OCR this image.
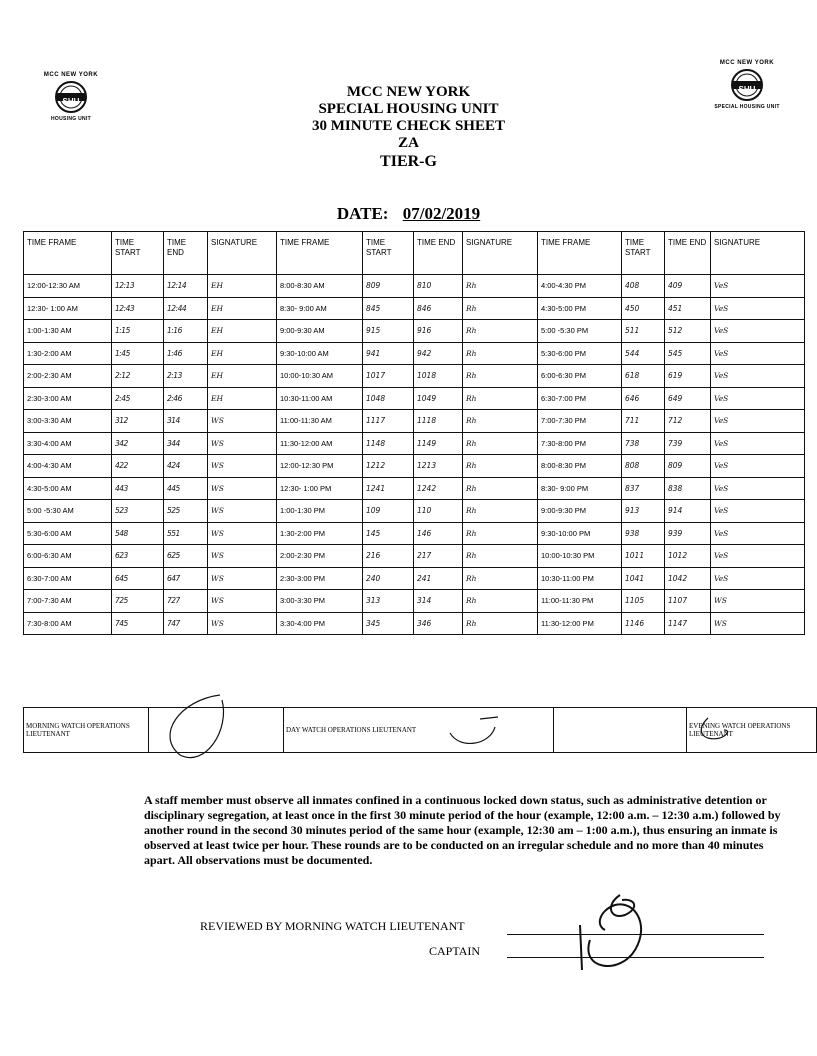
MCC NEW YORK
SHU
HOUSING UNIT
MCC NEW YORK
SHU
SPECIAL HOUSING UNIT
MCC NEW YORK
SPECIAL HOUSING UNIT
30 MINUTE CHECK SHEET
ZA
TIER-G
DATE: 07/02/2019
TIME FRAME	TIME START	TIME END	SIGNATURE	TIME FRAME	TIME START	TIME END	SIGNATURE	TIME FRAME	TIME START	TIME END	SIGNATURE
12:00-12:30 AM	12:13	12:14	EH	8:00-8:30 AM	809	810	Rh	4:00-4:30 PM	408	409	VeS
12:30- 1:00 AM	12:43	12:44	EH	8:30- 9:00 AM	845	846	Rh	4:30-5:00 PM	450	451	VeS
1:00-1:30 AM	1:15	1:16	EH	9:00-9:30 AM	915	916	Rh	5:00 -5:30 PM	511	512	VeS
1:30-2:00 AM	1:45	1:46	EH	9:30-10:00 AM	941	942	Rh	5:30-6:00 PM	544	545	VeS
2:00-2:30 AM	2:12	2:13	EH	10:00-10:30 AM	1017	1018	Rh	6:00-6:30 PM	618	619	VeS
2:30-3:00 AM	2:45	2:46	EH	10:30-11:00 AM	1048	1049	Rh	6:30-7:00 PM	646	649	VeS
3:00-3:30 AM	312	314	WS	11:00-11:30 AM	1117	1118	Rh	7:00-7:30 PM	711	712	VeS
3:30-4:00 AM	342	344	WS	11:30-12:00 AM	1148	1149	Rh	7:30-8:00 PM	738	739	VeS
4:00-4:30 AM	422	424	WS	12:00-12:30 PM	1212	1213	Rh	8:00-8:30 PM	808	809	VeS
4:30-5:00 AM	443	445	WS	12:30- 1:00 PM	1241	1242	Rh	8:30- 9:00 PM	837	838	VeS
5:00 -5:30 AM	523	525	WS	1:00-1:30 PM	109	110	Rh	9:00-9:30 PM	913	914	VeS
5:30-6:00 AM	548	551	WS	1:30-2:00 PM	145	146	Rh	9:30-10:00 PM	938	939	VeS
6:00-6:30 AM	623	625	WS	2:00-2:30 PM	216	217	Rh	10:00-10:30 PM	1011	1012	VeS
6:30-7:00 AM	645	647	WS	2:30-3:00 PM	240	241	Rh	10:30-11:00 PM	1041	1042	VeS
7:00-7:30 AM	725	727	WS	3:00-3:30 PM	313	314	Rh	11:00-11:30 PM	1105	1107	WS
7:30-8:00 AM	745	747	WS	3:30-4:00 PM	345	346	Rh	11:30-12:00 PM	1146	1147	WS
MORNING WATCH OPERATIONS LIEUTENANT		DAY WATCH OPERATIONS LIEUTENANT		EVENING WATCH OPERATIONS LIEUTENANT	
A staff member must observe all inmates confined in a continuous locked down status, such as administrative detention or disciplinary segregation, at least once in the first 30 minute period of the hour (example, 12:00 a.m. – 12:30 a.m.) followed by another round in the second 30 minutes period of the same hour (example, 12:30 am – 1:00 a.m.), thus ensuring an inmate is observed at least twice per hour. These rounds are to be conducted on an irregular schedule and no more than 40 minutes apart. All observations must be documented.
REVIEWED BY MORNING WATCH LIEUTENANT
CAPTAIN
